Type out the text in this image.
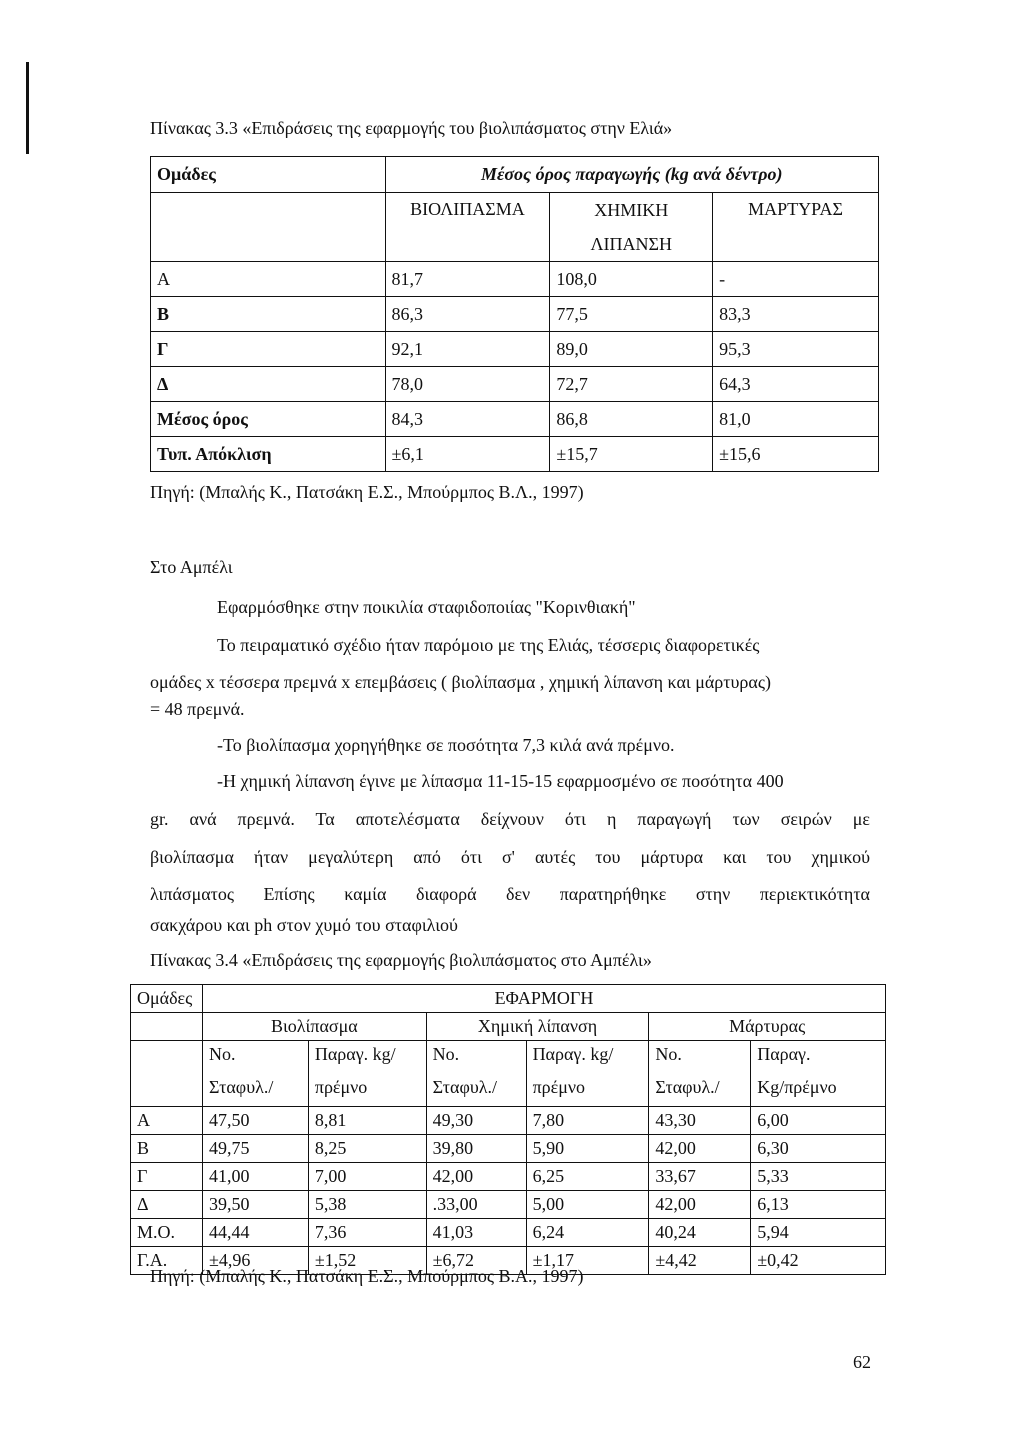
Πίνακας 3.3 «Επιδράσεις της εφαρμογής του βιολιπάσματος στην Ελιά»
Ομάδες	Μέσος όρος παραγωγής (kg ανά δέντρο)		
	ΒΙΟΛΙΠΑΣΜΑ	ΧΗΜΙΚΗ	ΜΑΡΤΥΡΑΣ
		ΛΙΠΑΝΣΗ	
Α	81,7	108,0	-
Β	86,3	77,5	83,3
Γ	92,1	89,0	95,3
Δ	78,0	72,7	64,3
Μέσος όρος	84,3	86,8	81,0
Τυπ. Απόκλιση	±6,1	±15,7	±15,6
Πηγή: (Μπαλής Κ., Πατσάκη Ε.Σ., Μπούρμπος Β.Λ., 1997)
Στο Αμπέλι
Εφαρμόσθηκε στην ποικιλία σταφιδοποιίας "Κορινθιακή"
Το πειραματικό σχέδιο ήταν παρόμοιο με της Ελιάς, τέσσερις διαφορετικές
ομάδες x τέσσερα πρεμνά x επεμβάσεις ( βιολίπασμα , χημική λίπανση και μάρτυρας)
= 48 πρεμνά.
-Το βιολίπασμα χορηγήθηκε σε ποσότητα 7,3 κιλά ανά πρέμνο.
-Η χημική λίπανση έγινε με λίπασμα 11-15-15 εφαρμοσμένο σε ποσότητα 400
gr. ανά πρεμνά. Τα αποτελέσματα δείχνουν ότι η παραγωγή των σειρών με
βιολίπασμα ήταν μεγαλύτερη από ότι σ' αυτές του μάρτυρα και του χημικού
λιπάσματος Επίσης καμία διαφορά δεν παρατηρήθηκε στην περιεκτικότητα
σακχάρου και ph στον χυμό του σταφιλιού
Πίνακας 3.4 «Επιδράσεις της εφαρμογής βιολιπάσματος στο Αμπέλι»
Ομάδες	ΕΦΑΡΜΟΓΗ					
	Βιολίπασμα		Χημική λίπανση		Μάρτυρας	
	No.	Παραγ. kg/	No.	Παραγ. kg/	No.	Παραγ.
	Σταφυλ./	πρέμνο	Σταφυλ./	πρέμνο	Σταφυλ./	Kg/πρέμνο
Α	47,50	8,81	49,30	7,80	43,30	6,00
Β	49,75	8,25	39,80	5,90	42,00	6,30
Γ	41,00	7,00	42,00	6,25	33,67	5,33
Δ	39,50	5,38	.33,00	5,00	42,00	6,13
Μ.Ο.	44,44	7,36	41,03	6,24	40,24	5,94
Γ.Α.	±4,96	±1,52	±6,72	±1,17	±4,42	±0,42
Πηγή: (Μπαλής Κ., Πατσάκη Ε.Σ., Μπούρμπος Β.Α., 1997)
62
